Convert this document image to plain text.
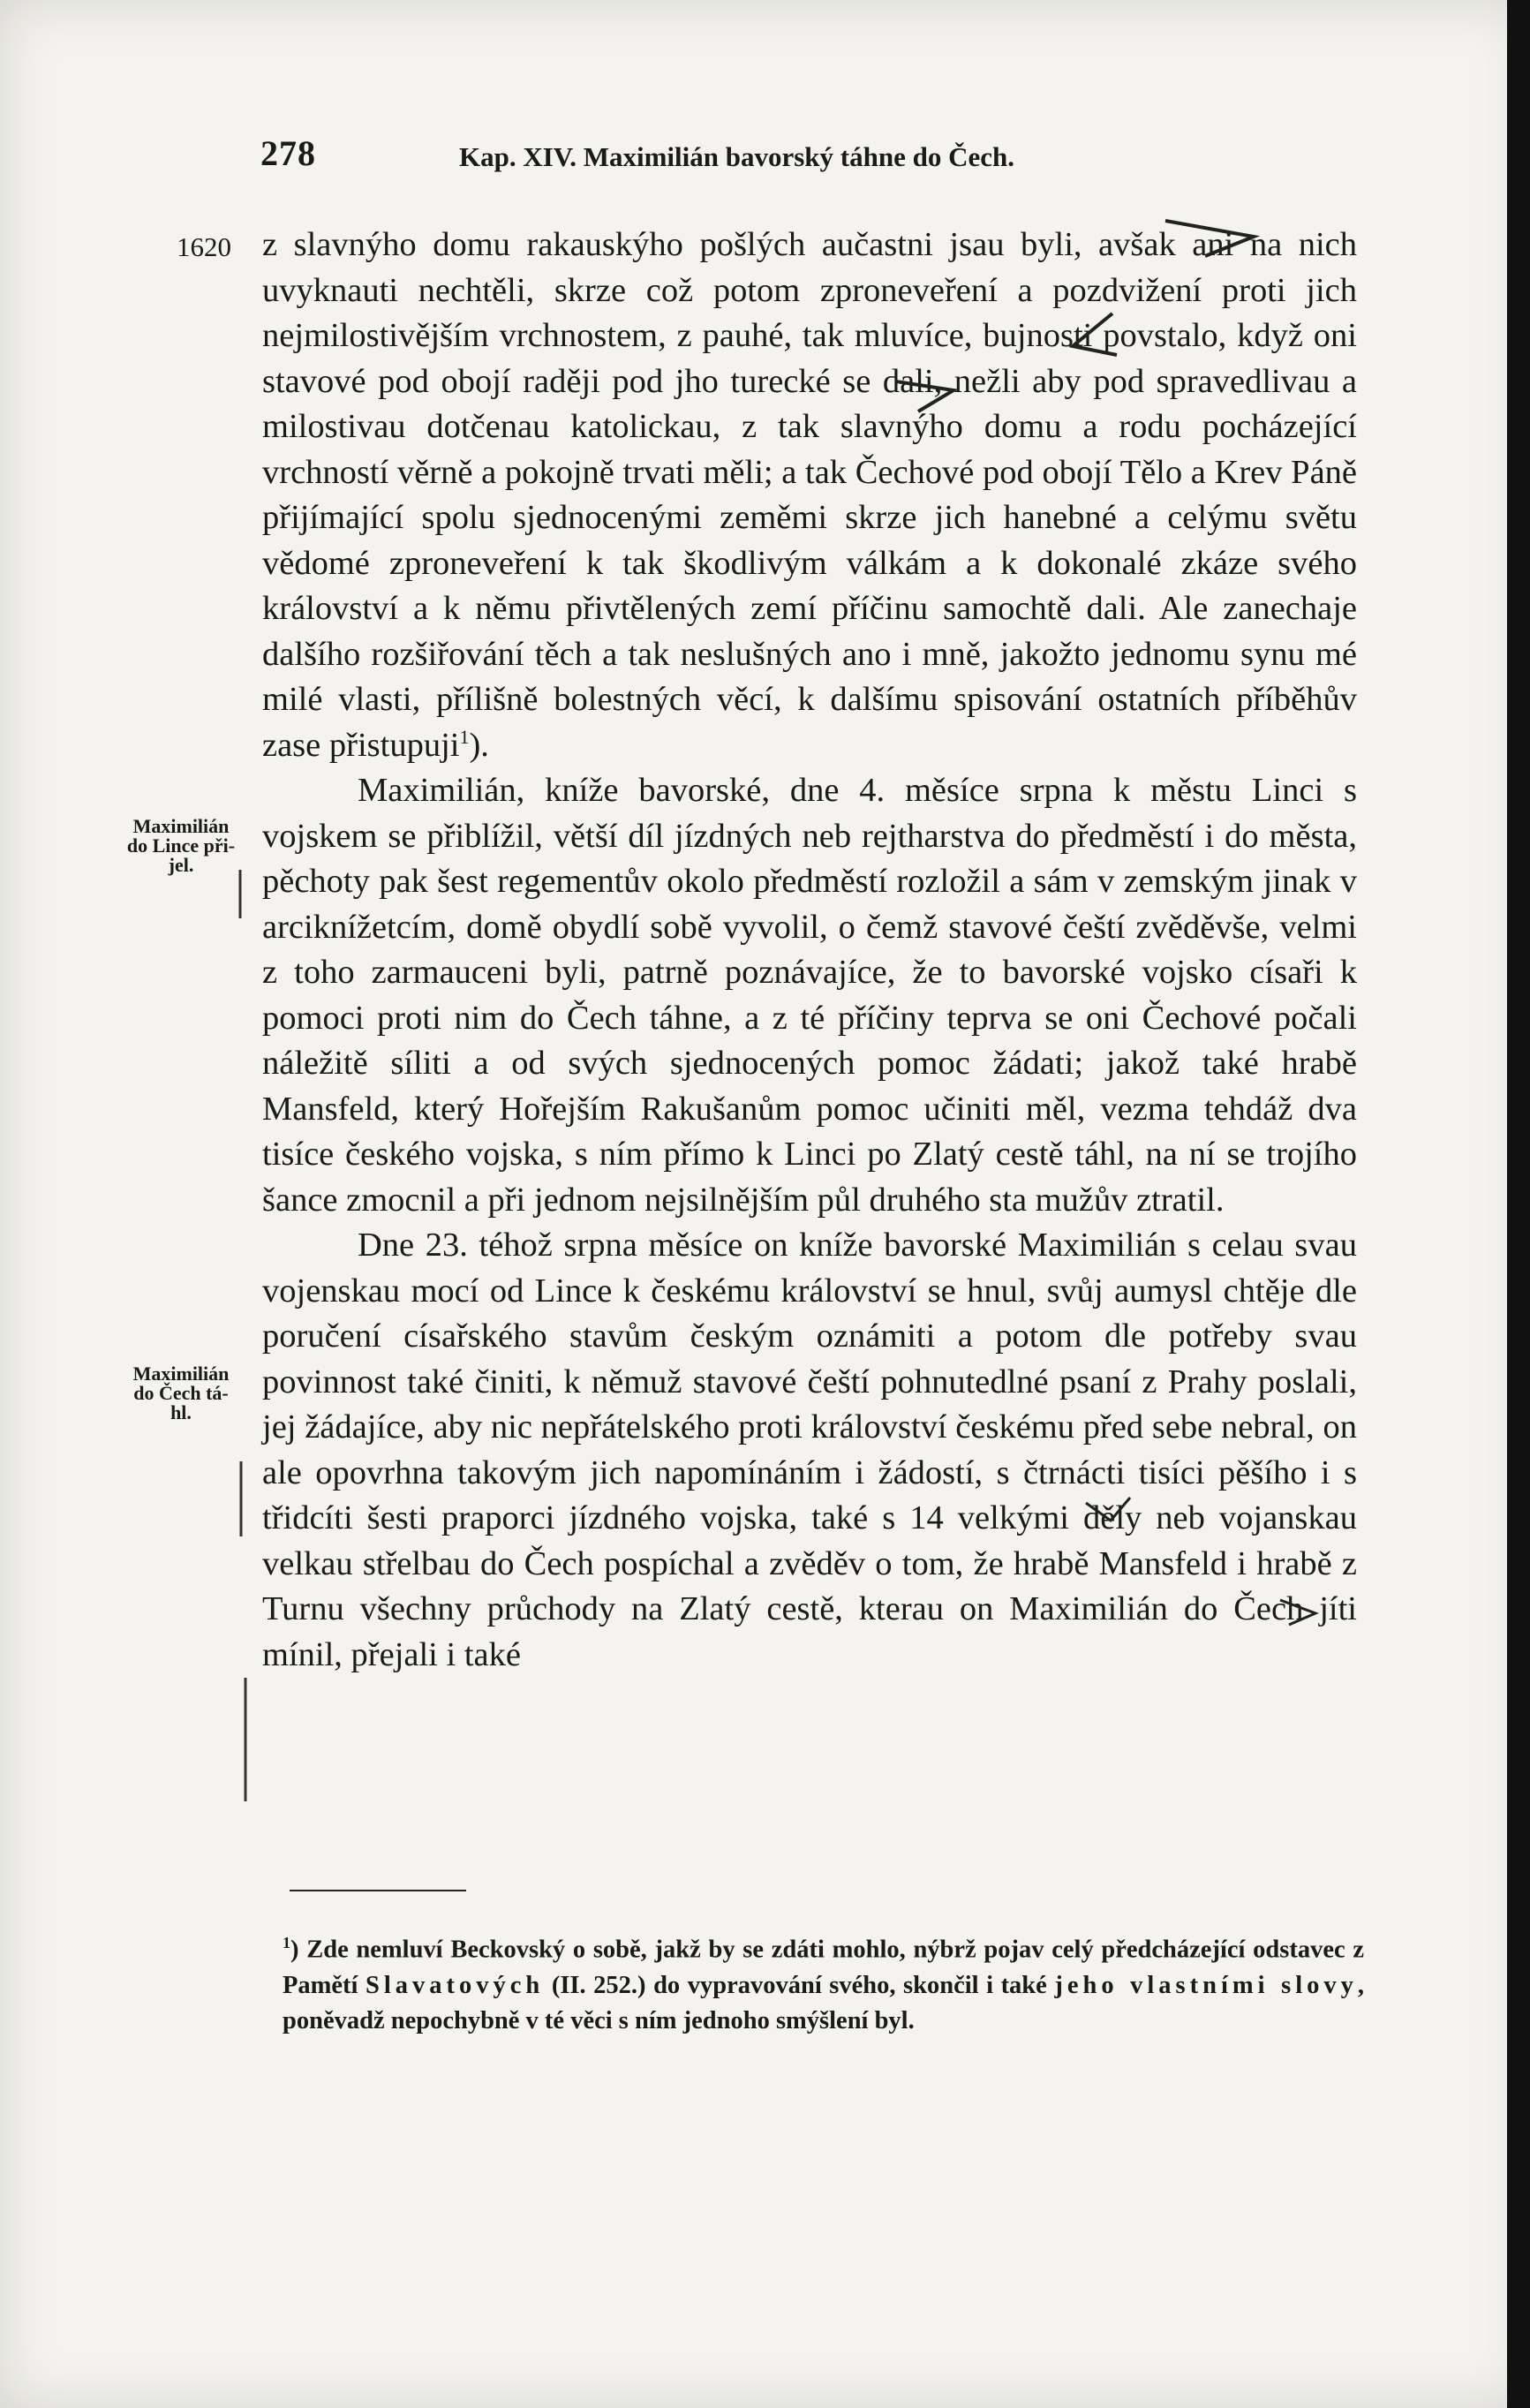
278	Kap. XIV. Maximilián bavorský táhne do Čech.
1620
Maximilián
do Lince při-
jel.
Maximilián
do Čech tá-
hl.

z slavnýho domu rakauskýho pošlých aučastni jsau byli, avšak ani na nich uvyknauti nechtěli, skrze což potom zproneveření a pozdvižení proti jich nejmilostivějším vrchnostem, z pauhé, tak mluvíce, bujnosti povstalo, když oni stavové pod obojí raději pod jho turecké se dali, nežli aby pod spravedlivau a milostivau dotčenau katolickau, z tak slavnýho domu a rodu pocházející vrchností věrně a pokojně trvati měli; a tak Čechové pod obojí Tělo a Krev Páně přijímající spolu sjednocenými zeměmi skrze jich hanebné a celýmu světu vědomé zproneveření k tak škodlivým válkám a k dokonalé zkáze svého království a k němu přivtělených zemí příčinu samochtě dali. Ale zanechaje dalšího rozšiřování těch a tak neslušných ano i mně, jakožto jednomu synu mé milé vlasti, přílišně bolestných věcí, k dalšímu spisování ostatních příběhův zase přistupuji$^1$).

Maximilián, kníže bavorské, dne 4. měsíce srpna k městu Linci s vojskem se přiblížil, větší díl jízdných neb rejtharstva do předměstí i do města, pěchoty pak šest regementův okolo předměstí rozložil a sám v zemským jinak v arciknížetcím, domě obydlí sobě vyvolil, o čemž stavové čeští zvěděvše, velmi z toho zarmauceni byli, patrně poznávajíce, že to bavorské vojsko císaři k pomoci proti nim do Čech táhne, a z té příčiny teprva se oni Čechové počali náležitě síliti a od svých sjednocených pomoc žádati; jakož také hrabě Mansfeld, který Hořejším Rakušanům pomoc učiniti měl, vezma tehdáž dva tisíce českého vojska, s ním přímo k Linci po Zlatý cestě táhl, na ní se trojího šance zmocnil a při jednom nejsilnějším půl druhého sta mužův ztratil.

Dne 23. téhož srpna měsíce on kníže bavorské Maximilián s celau svau vojenskau mocí od Lince k českému království se hnul, svůj aumysl chtěje dle poručení císařského stavům českým oznámiti a potom dle potřeby svau povinnost také činiti, k němuž stavové čeští pohnutedlné psaní z Prahy poslali, jej žádajíce, aby nic nepřátelského proti království českému před sebe nebral, on ale opovrhna takovým jich napomínáním i žádostí, s čtrnácti tisíci pěšího i s třidcíti šesti praporci jízdného vojska, také s 14 velkými děly neb vojanskau velkau střelbau do Čech pospíchal a zvěděv o tom, že hrabě Mansfeld i hrabě z Turnu všechny průchody na Zlatý cestě, kterau on Maximilián do Čech jíti mínil, přejali i také

$^1$) Zde nemluví Beckovský o sobě, jakž by se zdáti mohlo, nýbrž pojav celý předcházející odstavec z Pamětí Slavatových (II. 252.) do vypravování svého, skončil i také jeho vlastními slovy, poněvadž nepochybně v té věci s ním jednoho smýšlení byl.
